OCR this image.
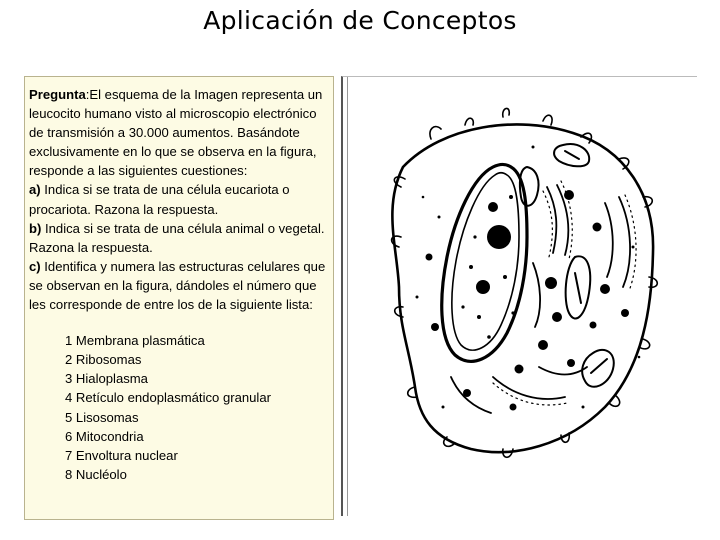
Aplicación de Conceptos

Pregunta:El esquema de la Imagen representa un leucocito humano visto al microscopio electrónico de transmisión a 30.000 aumentos. Basándote exclusivamente en lo que se observa en la figura, responde a las siguientes cuestiones:

a) Indica si se trata de una célula eucariota o procariota. Razona la respuesta.

b) Indica si se trata de una célula animal o vegetal. Razona la respuesta.

c) Identifica y numera las estructuras celulares que se observan en la figura, dándoles el número que les corresponde de entre los de la siguiente lista:

1 Membrana plasmática
2 Ribosomas
3 Hialoplasma
4 Retículo endoplasmático granular
5 Lisosomas
6 Mitocondria
7 Envoltura nuclear
8 Nucléolo
